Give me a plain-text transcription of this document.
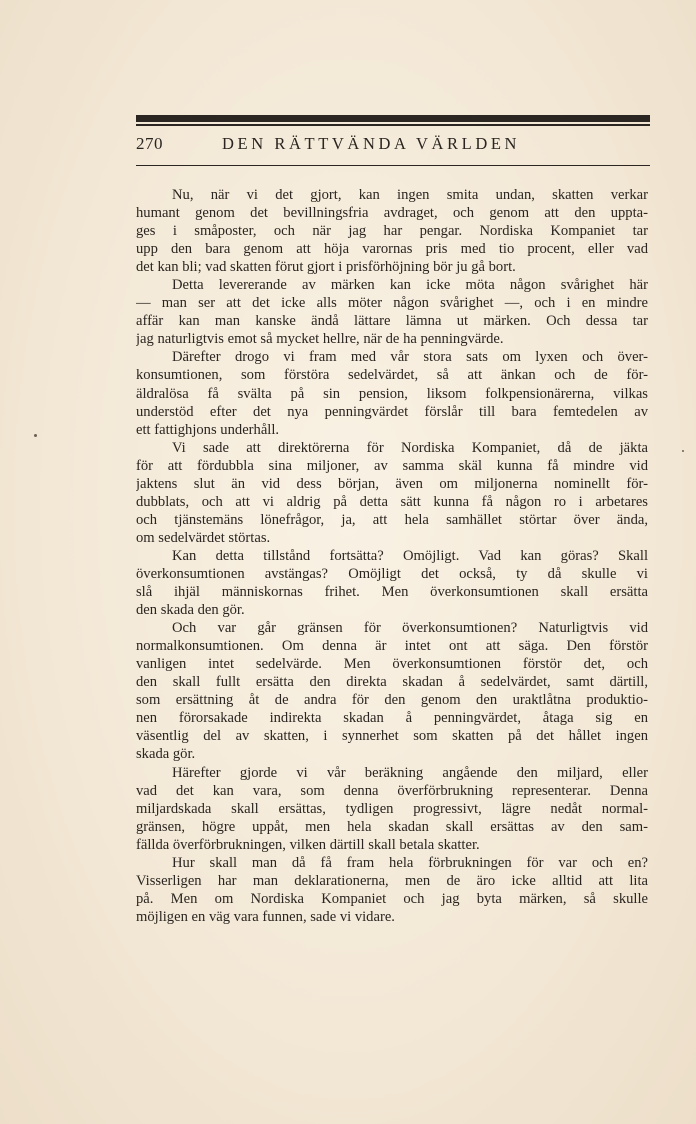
270	DEN RÄTTVÄNDA VÄRLDEN
Nu, när vi det gjort, kan ingen smita undan, skatten verkar
humant genom det bevillningsfria avdraget, och genom att den uppta-
ges i småposter, och när jag har pengar. Nordiska Kompaniet tar
upp den bara genom att höja varornas pris med tio procent, eller vad
det kan bli; vad skatten förut gjort i prisförhöjning bör ju gå bort.
Detta levererande av märken kan icke möta någon svårighet här
— man ser att det icke alls möter någon svårighet —, och i en mindre
affär kan man kanske ändå lättare lämna ut märken. Och dessa tar
jag naturligtvis emot så mycket hellre, när de ha penningvärde.
Därefter drogo vi fram med vår stora sats om lyxen och över-
konsumtionen, som förstöra sedelvärdet, så att änkan och de för-
äldralösa få svälta på sin pension, liksom folkpensionärerna, vilkas
understöd efter det nya penningvärdet förslår till bara femtedelen av
ett fattighjons underhåll.
Vi sade att direktörerna för Nordiska Kompaniet, då de jäkta
för att fördubbla sina miljoner, av samma skäl kunna få mindre vid
jaktens slut än vid dess början, även om miljonerna nominellt för-
dubblats, och att vi aldrig på detta sätt kunna få någon ro i arbetares
och tjänstemäns lönefrågor, ja, att hela samhället störtar över ända,
om sedelvärdet störtas.
Kan detta tillstånd fortsätta? Omöjligt. Vad kan göras? Skall
överkonsumtionen avstängas? Omöjligt det också, ty då skulle vi
slå ihjäl människornas frihet. Men överkonsumtionen skall ersätta
den skada den gör.
Och var går gränsen för överkonsumtionen? Naturligtvis vid
normalkonsumtionen. Om denna är intet ont att säga. Den förstör
vanligen intet sedelvärde. Men överkonsumtionen förstör det, och
den skall fullt ersätta den direkta skadan å sedelvärdet, samt därtill,
som ersättning åt de andra för den genom den uraktlåtna produktio-
nen förorsakade indirekta skadan å penningvärdet, åtaga sig en
väsentlig del av skatten, i synnerhet som skatten på det hållet ingen
skada gör.
Härefter gjorde vi vår beräkning angående den miljard, eller
vad det kan vara, som denna överförbrukning representerar. Denna
miljardskada skall ersättas, tydligen progressivt, lägre nedåt normal-
gränsen, högre uppåt, men hela skadan skall ersättas av den sam-
fällda överförbrukningen, vilken därtill skall betala skatter.
Hur skall man då få fram hela förbrukningen för var och en?
Visserligen har man deklarationerna, men de äro icke alltid att lita
på. Men om Nordiska Kompaniet och jag byta märken, så skulle
möjligen en väg vara funnen, sade vi vidare.
